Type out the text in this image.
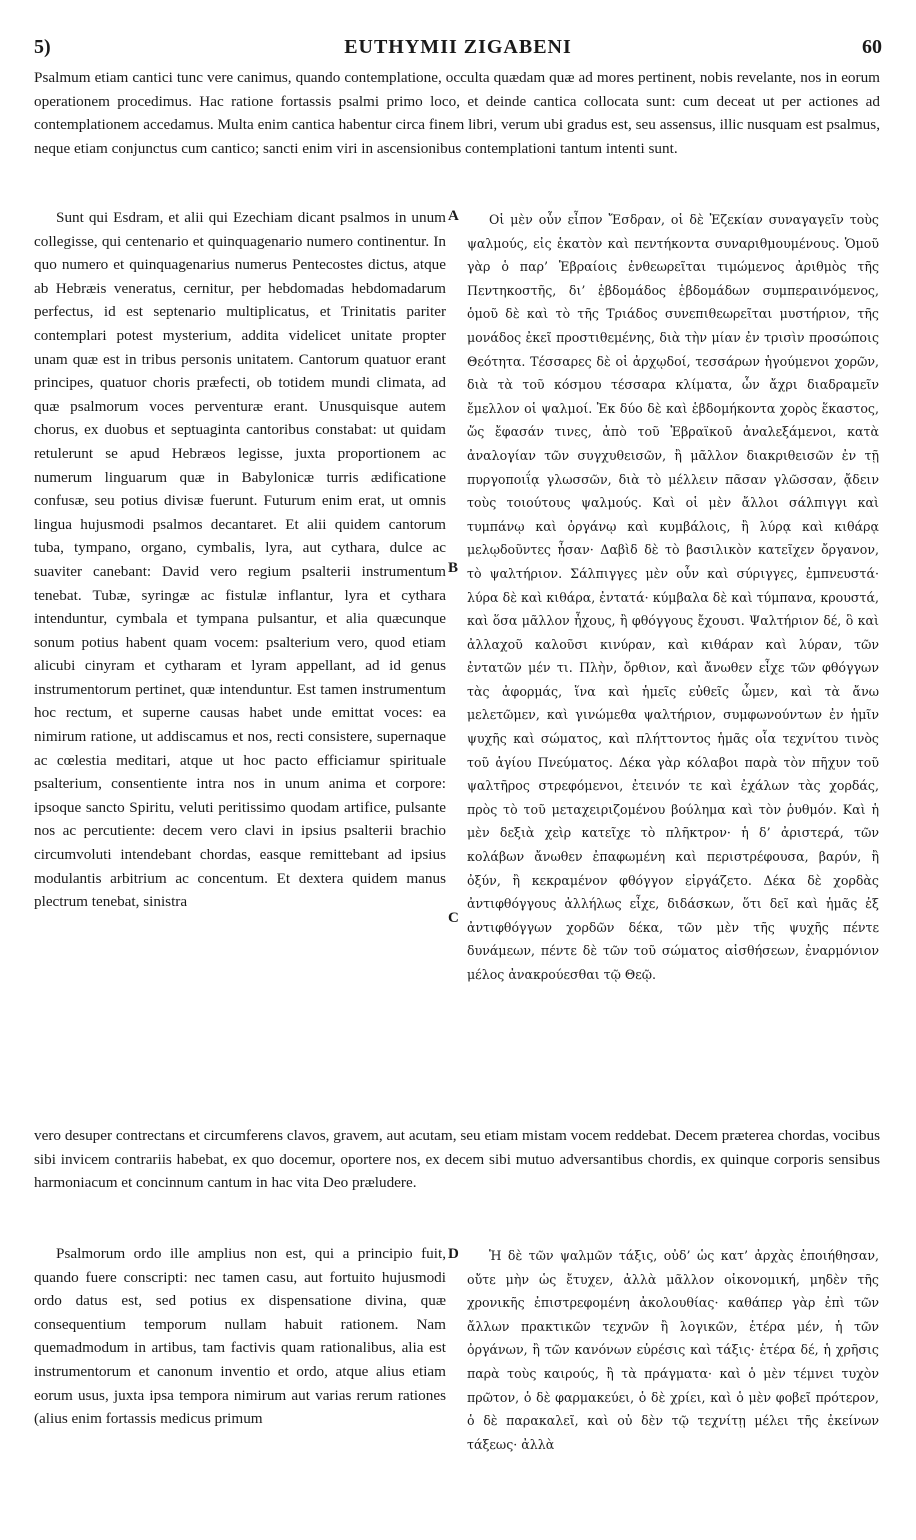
5)	EUTHYMII ZIGABENI	60

Psalmum etiam cantici tunc vere canimus, quando contemplatione, occulta quædam quæ ad mores pertinent, nobis revelante, nos in eorum operationem procedimus. Hac ratione fortassis psalmi primo loco, et deinde cantica collocata sunt: cum deceat ut per actiones ad contemplationem accedamus. Multa enim cantica habentur circa finem libri, verum ubi gradus est, seu assensus, illic nusquam est psalmus, neque etiam conjunctus cum cantico; sancti enim viri in ascensionibus contemplationi tantum intenti sunt.

Sunt qui Esdram, et alii qui Ezechiam dicant psalmos in unum collegisse, qui centenario et quinquagenario numero continentur. In quo numero et quinquagenarius numerus Pentecostes dictus, atque ab Hebræis veneratus, cernitur, per hebdomadas hebdomadarum perfectus, id est septenario multiplicatus, et Trinitatis pariter contemplari potest mysterium, addita videlicet unitate propter unam quæ est in tribus personis unitatem. Cantorum quatuor erant principes, quatuor choris præfecti, ob totidem mundi climata, ad quæ psalmorum voces perventuræ erant. Unusquisque autem chorus, ex duobus et septuaginta cantoribus constabat: ut quidam retulerunt se apud Hebræos legisse, juxta proportionem ac numerum linguarum quæ in Babylonicæ turris ædificatione confusæ, seu potius divisæ fuerunt. Futurum enim erat, ut omnis lingua hujusmodi psalmos decantaret. Et alii quidem cantorum tuba, tympano, organo, cymbalis, lyra, aut cythara, dulce ac suaviter canebant: David vero regium psalterii instrumentum tenebat. Tubæ, syringæ ac fistulæ inflantur, lyra et cythara intenduntur, cymbala et tympana pulsantur, et alia quæcunque sonum potius habent quam vocem: psalterium vero, quod etiam alicubi cinyram et cytharam et lyram appellant, ad id genus instrumentorum pertinet, quæ intenduntur. Est tamen instrumentum hoc rectum, et superne causas habet unde emittat voces: ea nimirum ratione, ut addiscamus et nos, recti consistere, supernaque ac cœlestia meditari, atque ut hoc pacto efficiamur spirituale psalterium, consentiente intra nos in unum anima et corpore: ipsoque sancto Spiritu, veluti peritissimo quodam artifice, pulsante nos ac percutiente: decem vero clavi in ipsius psalterii brachio circumvoluti intendebant chordas, easque remittebant ad ipsius modulantis arbitrium ac concentum. Et dextera quidem manus plectrum tenebat, sinistra

Οἱ μὲν οὖν εἶπον Ἔσδραν, οἱ δὲ Ἐζεκίαν συναγαγεῖν τοὺς ψαλμούς, εἰς ἑκατὸν καὶ πεντήκοντα συναριθμουμένους. Ὁμοῦ γὰρ ὁ παρ’ Ἑβραίοις ἐνθεωρεῖται τιμώμενος ἀριθμὸς τῆς Πεντηκοστῆς, δι’ ἑβδομάδος ἑβδομάδων συμπεραινόμενος, ὁμοῦ δὲ καὶ τὸ τῆς Τριάδος συνεπιθεωρεῖται μυστήριον, τῆς μονάδος ἐκεῖ προστιθεμένης, διὰ τὴν μίαν ἐν τρισὶν προσώποις Θεότητα. Τέσσαρες δὲ οἱ ἀρχῳδοί, τεσσάρων ἡγούμενοι χορῶν, διὰ τὰ τοῦ κόσμου τέσσαρα κλίματα, ὧν ἄχρι διαδραμεῖν ἔμελλον οἱ ψαλμοί. Ἐκ δύο δὲ καὶ ἑβδομήκοντα χορὸς ἕκαστος, ὥς ἔφασάν τινες, ἀπὸ τοῦ Ἑβραϊκοῦ ἀναλεξάμενοι, κατὰ ἀναλογίαν τῶν συγχυθεισῶν, ἢ μᾶλλον διακριθεισῶν ἐν τῇ πυργοποιΐᾳ γλωσσῶν, διὰ τὸ μέλλειν πᾶσαν γλῶσσαν, ᾄδειν τοὺς τοιούτους ψαλμούς. Καὶ οἱ μὲν ἄλλοι σάλπιγγι καὶ τυμπάνῳ καὶ ὀργάνῳ καὶ κυμβάλοις, ἢ λύρᾳ καὶ κιθάρᾳ μελῳδοῦντες ἦσαν· Δαβὶδ δὲ τὸ βασιλικὸν κατεῖχεν ὄργανον, τὸ ψαλτήριον. Σάλπιγγες μὲν οὖν καὶ σύριγγες, ἐμπνευστά· λύρα δὲ καὶ κιθάρα, ἐντατά· κύμβαλα δὲ καὶ τύμπανα, κρουστά, καὶ ὅσα μᾶλλον ἦχους, ἢ φθόγγους ἔχουσι. Ψαλτήριον δέ, ὃ καὶ ἀλλαχοῦ καλοῦσι κινύραν, καὶ κιθάραν καὶ λύραν, τῶν ἐντατῶν μέν τι. Πλὴν, ὄρθιον, καὶ ἄνωθεν εἶχε τῶν φθόγγων τὰς ἀφορμάς, ἵνα καὶ ἡμεῖς εὐθεῖς ὦμεν, καὶ τὰ ἄνω μελετῶμεν, καὶ γινώμεθα ψαλτήριον, συμφωνούντων ἐν ἡμῖν ψυχῆς καὶ σώματος, καὶ πλήττοντος ἡμᾶς οἷα τεχνίτου τινὸς τοῦ ἁγίου Πνεύματος. Δέκα γὰρ κόλαβοι παρὰ τὸν πῆχυν τοῦ ψαλτῆρος στρεφόμενοι, ἐτεινόν τε καὶ ἐχάλων τὰς χορδάς, πρὸς τὸ τοῦ μεταχειριζομένου βούλημα καὶ τὸν ῥυθμόν. Καὶ ἡ μὲν δεξιὰ χεὶρ κατεῖχε τὸ πλῆκτρον· ἡ δ’ ἀριστερά, τῶν κολάβων ἄνωθεν ἐπαφωμένη καὶ περιστρέφουσα, βαρύν, ἢ ὀξύν, ἢ κεκραμένον φθόγγον εἰργάζετο. Δέκα δὲ χορδὰς ἀντιφθόγγους ἀλλήλως εἶχε, διδάσκων, ὅτι δεῖ καὶ ἡμᾶς ἐξ ἀντιφθόγγων χορδῶν δέκα, τῶν μὲν τῆς ψυχῆς πέντε δυνάμεων, πέντε δὲ τῶν τοῦ σώματος αἰσθήσεων, ἐναρμόνιον μέλος ἀνακρούεσθαι τῷ Θεῷ.

A
B
C
D

vero desuper contrectans et circumferens clavos, gravem, aut acutam, seu etiam mistam vocem reddebat. Decem præterea chordas, vocibus sibi invicem contrariis habebat, ex quo docemur, oportere nos, ex decem sibi mutuo adversantibus chordis, ex quinque corporis sensibus harmoniacum et concinnum cantum in hac vita Deo præludere.

Psalmorum ordo ille amplius non est, qui a principio fuit, quando fuere conscripti: nec tamen casu, aut fortuito hujusmodi ordo datus est, sed potius ex dispensatione divina, quæ consequentium temporum nullam habuit rationem. Nam quemadmodum in artibus, tam factivis quam rationalibus, alia est instrumentorum et canonum inventio et ordo, atque alius etiam eorum usus, juxta ipsa tempora nimirum aut varias rerum rationes (alius enim fortassis medicus primum

Ἡ δὲ τῶν ψαλμῶν τάξις, οὐδ’ ὡς κατ’ ἀρχὰς ἐποιήθησαν, οὔτε μὴν ὡς ἔτυχεν, ἀλλὰ μᾶλλον οἰκονομική, μηδὲν τῆς χρονικῆς ἐπιστρεφομένη ἀκολουθίας· καθάπερ γὰρ ἐπὶ τῶν ἄλλων πρακτικῶν τεχνῶν ἢ λογικῶν, ἑτέρα μέν, ἡ τῶν ὀργάνων, ἢ τῶν κανόνων εὑρέσις καὶ τάξις· ἑτέρα δέ, ἡ χρῆσις παρὰ τοὺς καιρούς, ἢ τὰ πράγματα· καὶ ὁ μὲν τέμνει τυχὸν πρῶτον, ὁ δὲ φαρμακεύει, ὁ δὲ χρίει, καὶ ὁ μὲν φοβεῖ πρότερον, ὁ δὲ παρακαλεῖ, καὶ οὐ δὲν τῷ τεχνίτῃ μέλει τῆς ἐκείνων τάξεως· ἀλλὰ
